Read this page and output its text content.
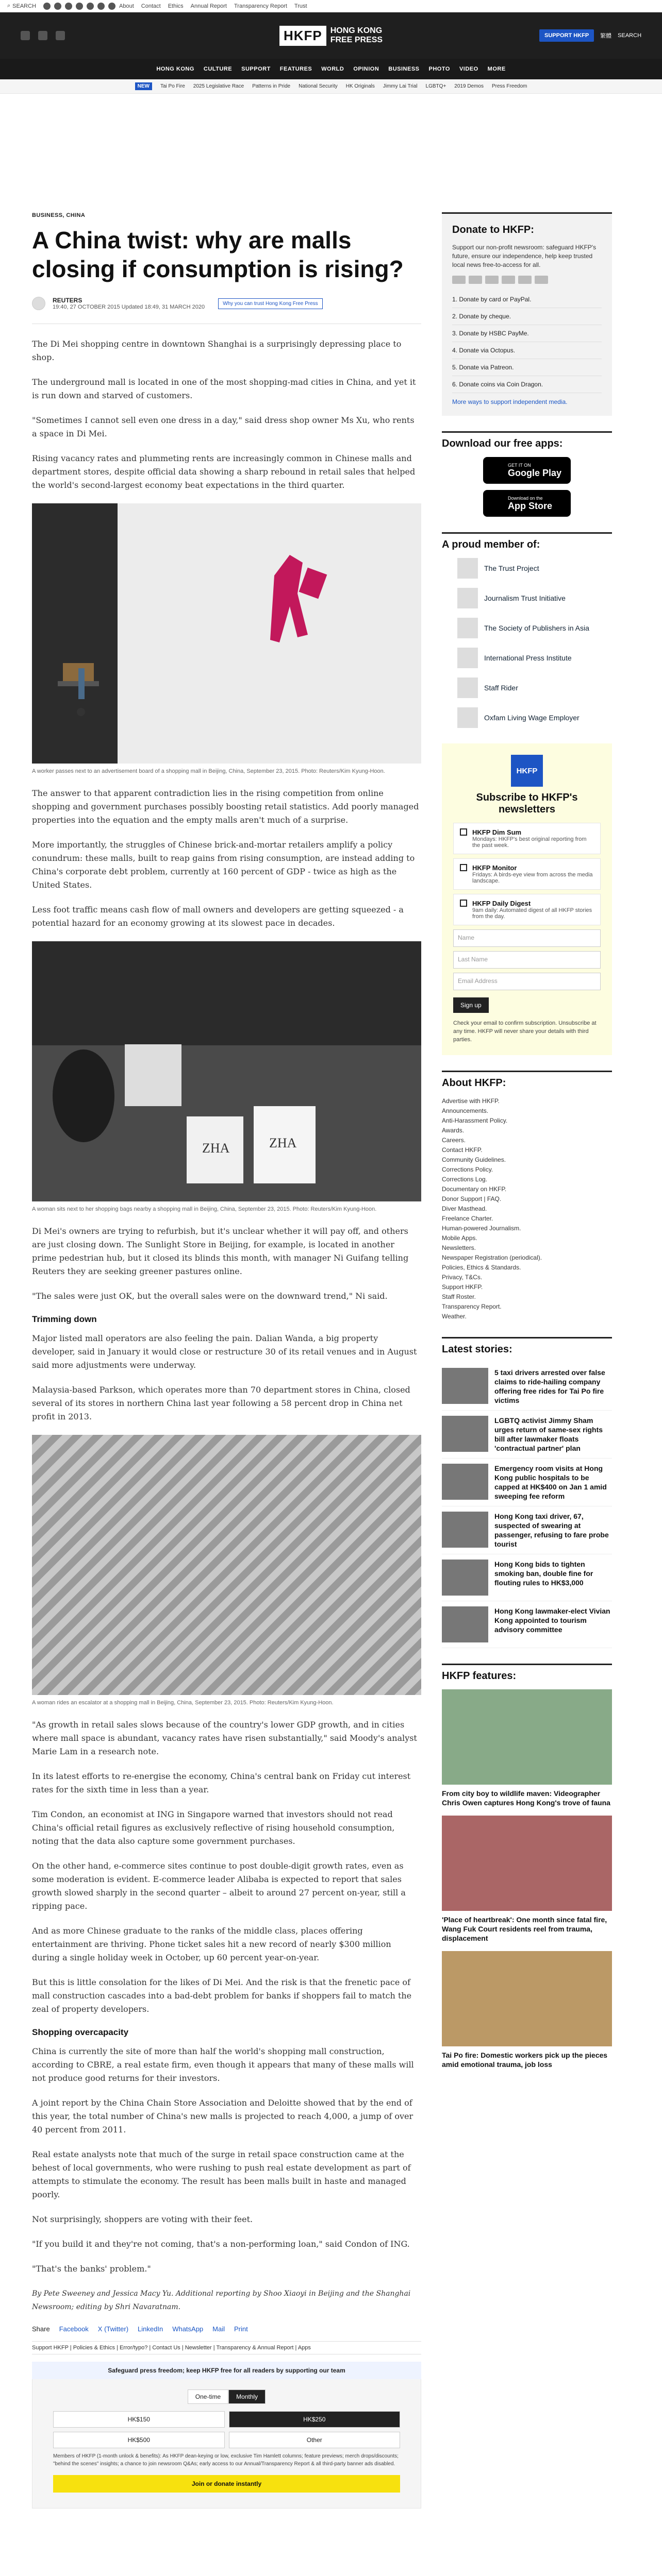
⌕ SEARCH	About Contact Ethics Annual Report Transparency Report Trust
HKFP	HONG KONG
FREE PRESS	SUPPORT HKFP	繁體 SEARCH
HONG KONG CULTURE SUPPORT FEATURES WORLD OPINION BUSINESS PHOTO VIDEO MORE
NEW	Tai Po Fire 2025 Legislative Race Patterns in Pride National Security HK Originals Jimmy Lai Trial LGBTQ+ 2019 Demos Press Freedom
BUSINESS, CHINA
A China twist: why are malls closing if consumption is rising?
REUTERS
19:40, 27 OCTOBER 2015 Updated 18:49, 31 MARCH 2020
Why you can trust Hong Kong Free Press

The Di Mei shopping centre in downtown Shanghai is a surprisingly depressing place to shop.

The underground mall is located in one of the most shopping-mad cities in China, and yet it is run down and starved of customers.

"Sometimes I cannot sell even one dress in a day," said dress shop owner Ms Xu, who rents a space in Di Mei.

Rising vacancy rates and plummeting rents are increasingly common in Chinese malls and department stores, despite official data showing a sharp rebound in retail sales that helped the world's second-largest economy beat expectations in the third quarter.

A worker passes next to an advertisement board of a shopping mall in Beijing, China, September 23, 2015. Photo: Reuters/Kim Kyung-Hoon.

The answer to that apparent contradiction lies in the rising competition from online shopping and government purchases possibly boosting retail statistics. Add poorly managed properties into the equation and the empty malls aren't much of a surprise.

More importantly, the struggles of Chinese brick-and-mortar retailers amplify a policy conundrum: these malls, built to reap gains from rising consumption, are instead adding to China's corporate debt problem, currently at 160 percent of GDP - twice as high as the United States.

Less foot traffic means cash flow of mall owners and developers are getting squeezed - a potential hazard for an economy growing at its slowest pace in decades.

ZHA	ZHA
A woman sits next to her shopping bags nearby a shopping mall in Beijing, China, September 23, 2015. Photo: Reuters/Kim Kyung-Hoon.

Di Mei's owners are trying to refurbish, but it's unclear whether it will pay off, and others are just closing down. The Sunlight Store in Beijing, for example, is located in another prime pedestrian hub, but it closed its blinds this month, with manager Ni Guifang telling Reuters they are seeking greener pastures online.

"The sales were just OK, but the overall sales were on the downward trend," Ni said.

Trimming down

Major listed mall operators are also feeling the pain. Dalian Wanda, a big property developer, said in January it would close or restructure 30 of its retail venues and in August said more adjustments were underway.

Malaysia-based Parkson, which operates more than 70 department stores in China, closed several of its stores in northern China last year following a 58 percent drop in China net profit in 2013.

A woman rides an escalator at a shopping mall in Beijing, China, September 23, 2015. Photo: Reuters/Kim Kyung-Hoon.

"As growth in retail sales slows because of the country's lower GDP growth, and in cities where mall space is abundant, vacancy rates have risen substantially," said Moody's analyst Marie Lam in a research note.

In its latest efforts to re-energise the economy, China's central bank on Friday cut interest rates for the sixth time in less than a year.

Tim Condon, an economist at ING in Singapore warned that investors should not read China's official retail figures as exclusively reflective of rising household consumption, noting that the data also capture some government purchases.

On the other hand, e-commerce sites continue to post double-digit growth rates, even as some moderation is evident. E-commerce leader Alibaba is expected to report that sales growth slowed sharply in the second quarter – albeit to around 27 percent on-year, still a ripping pace.

And as more Chinese graduate to the ranks of the middle class, places offering entertainment are thriving. Phone ticket sales hit a new record of nearly $300 million during a single holiday week in October, up 60 percent year-on-year.

But this is little consolation for the likes of Di Mei. And the risk is that the frenetic pace of mall construction cascades into a bad-debt problem for banks if shoppers fail to match the zeal of property developers.

Shopping overcapacity

China is currently the site of more than half the world's shopping mall construction, according to CBRE, a real estate firm, even though it appears that many of these malls will not produce good returns for their investors.

A joint report by the China Chain Store Association and Deloitte showed that by the end of this year, the total number of China's new malls is projected to reach 4,000, a jump of over 40 percent from 2011.

Real estate analysts note that much of the surge in retail space construction came at the behest of local governments, who were rushing to push real estate development as part of attempts to stimulate the economy. The result has been malls built in haste and managed poorly.

Not surprisingly, shoppers are voting with their feet.

"If you build it and they're not coming, that's a non-performing loan," said Condon of ING.

"That's the banks' problem."

By Pete Sweeney and Jessica Macy Yu. Additional reporting by Shoo Xiaoyi in Beijing and the Shanghai Newsroom; editing by Shri Navaratnam.

Share Facebook X (Twitter) LinkedIn WhatsApp Mail Print
Support HKFP | Policies & Ethics | Error/typo? | Contact Us | Newsletter | Transparency & Annual Report | Apps
Safeguard press freedom; keep HKFP free for all readers by supporting our team
One-time	Monthly
HK$150	HK$250
HK$500	Other
Members of HKFP (1-month unlock & benefits): As HKFP dean-keying or low, exclusive Tim Hamlett columns; feature previews; merch drops/discounts; "behind the scenes" insights; a chance to join newsroom Q&As; early access to our Annual/Transparency Report & all third-party banner ads disabled.
Join or donate instantly
Donate to HKFP:
Support our non-profit newsroom: safeguard HKFP's future, ensure our independence, help keep trusted local news free-to-access for all.
1. Donate by card or PayPal.
2. Donate by cheque.
3. Donate by HSBC PayMe.
4. Donate via Octopus.
5. Donate via Patreon.
6. Donate coins via Coin Dragon.
More ways to support independent media.
Download our free apps:
GET IT ON
Google Play
Download on the
App Store
A proud member of:
The Trust Project
Journalism Trust Initiative
The Society of Publishers in Asia
International Press Institute
Staff Rider
Oxfam Living Wage Employer
HKFP
Subscribe to HKFP's newsletters
HKFP Dim Sum
Mondays: HKFP's best original reporting from the past week.
HKFP Monitor
Fridays: A birds-eye view from across the media landscape.
HKFP Daily Digest
9am daily: Automated digest of all HKFP stories from the day.
Name
Last Name
Email Address
Sign up
Check your email to confirm subscription. Unsubscribe at any time. HKFP will never share your details with third parties.
About HKFP:
Advertise with HKFP.
Announcements.
Anti-Harassment Policy.
Awards.
Careers.
Contact HKFP.
Community Guidelines.
Corrections Policy.
Corrections Log.
Documentary on HKFP.
Donor Support | FAQ.
Diver Masthead.
Freelance Charter.
Human-powered Journalism.
Mobile Apps.
Newsletters.
Newspaper Registration (periodical).
Policies, Ethics & Standards.
Privacy, T&Cs.
Support HKFP.
Staff Roster.
Transparency Report.
Weather.
Latest stories:
5 taxi drivers arrested over false claims to ride-hailing company offering free rides for Tai Po fire victims
LGBTQ activist Jimmy Sham urges return of same-sex rights bill after lawmaker floats 'contractual partner' plan
Emergency room visits at Hong Kong public hospitals to be capped at HK$400 on Jan 1 amid sweeping fee reform
Hong Kong taxi driver, 67, suspected of swearing at passenger, refusing to fare probe tourist
Hong Kong bids to tighten smoking ban, double fine for flouting rules to HK$3,000
Hong Kong lawmaker-elect Vivian Kong appointed to tourism advisory committee
HKFP features:
From city boy to wildlife maven: Videographer Chris Owen captures Hong Kong's trove of fauna
'Place of heartbreak': One month since fatal fire, Wang Fuk Court residents reel from trauma, displacement
Tai Po fire: Domestic workers pick up the pieces amid emotional trauma, job loss
